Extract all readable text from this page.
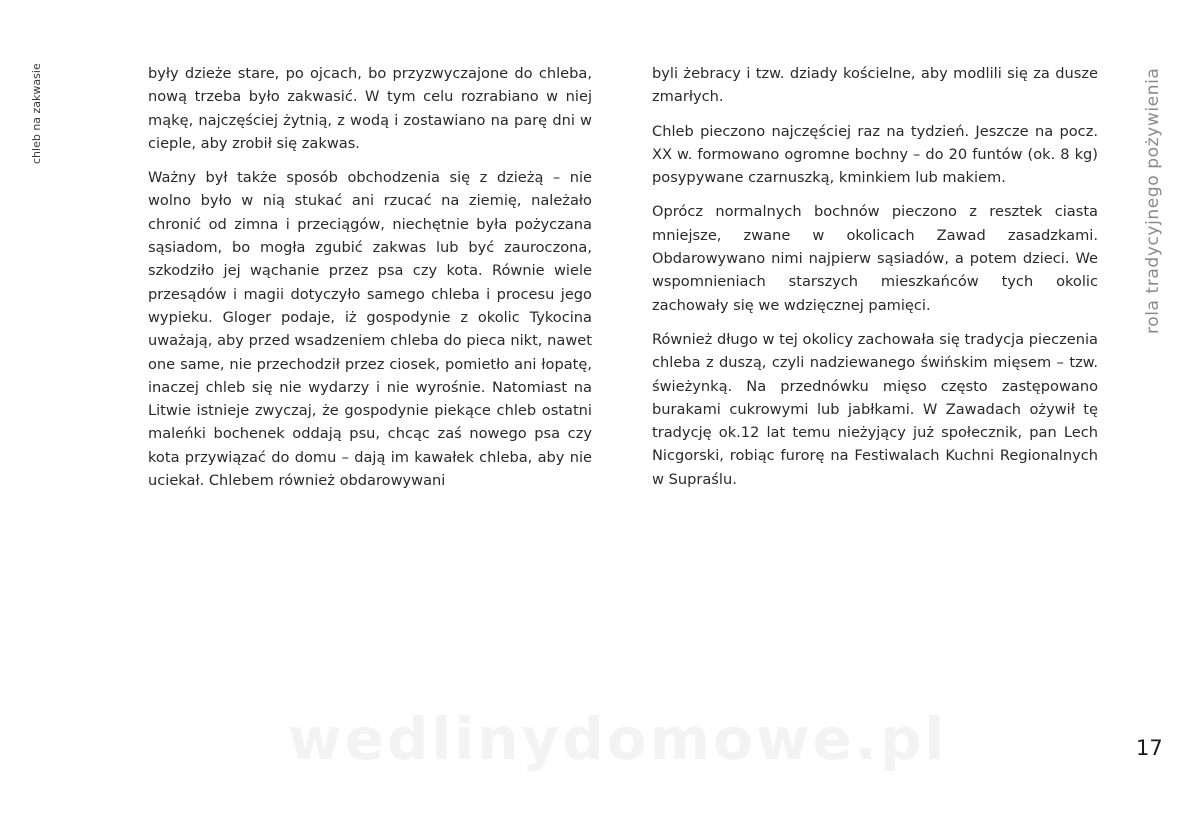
chleb na zakwasie	rola tradycyjnego pożywienia

były dzieże stare, po ojcach, bo przyzwyczajone do chleba, nową trzeba było zakwasić. W tym celu rozrabiano w niej mąkę, najczęściej żytnią, z wodą i zostawiano na parę dni w cieple, aby zrobił się zakwas.

Ważny był także sposób obchodzenia się z dzieżą – nie wolno było w nią stukać ani rzucać na ziemię, należało chronić od zimna i przeciągów, niechętnie była pożyczana sąsiadom, bo mogła zgubić zakwas lub być zauroczona, szkodziło jej wąchanie przez psa czy kota. Równie wiele przesądów i magii dotyczyło samego chleba i procesu jego wypieku. Gloger podaje, iż gospodynie z okolic Tykocina uważają, aby przed wsadzeniem chleba do pieca nikt, nawet one same, nie przechodził przez ciosek, pomietło ani łopatę, inaczej chleb się nie wydarzy i nie wyrośnie. Natomiast na Litwie istnieje zwyczaj, że gospodynie piekące chleb ostatni maleńki bochenek oddają psu, chcąc zaś nowego psa czy kota przywiązać do domu – dają im kawałek chleba, aby nie uciekał. Chlebem również obdarowywani

byli żebracy i tzw. dziady kościelne, aby modlili się za dusze zmarłych.

Chleb pieczono najczęściej raz na tydzień. Jeszcze na pocz. XX w. formowano ogromne bochny – do 20 funtów (ok. 8 kg) posypywane czarnuszką, kminkiem lub makiem.

Oprócz normalnych bochnów pieczono z resztek ciasta mniejsze, zwane w okolicach Zawad zasadzkami. Obdarowywano nimi najpierw sąsiadów, a potem dzieci. We wspomnieniach starszych mieszkańców tych okolic zachowały się we wdzięcznej pamięci.

Również długo w tej okolicy zachowała się tradycja pieczenia chleba z duszą, czyli nadziewanego świńskim mięsem – tzw. świeżynką. Na przednówku mięso często zastępowano burakami cukrowymi lub jabłkami. W Zawadach ożywił tę tradycję ok.12 lat temu nieżyjący już społecznik, pan Lech Nicgorski, robiąc furorę na Festiwalach Kuchni Regionalnych w Supraślu.

wedlinydomowe.pl	17
